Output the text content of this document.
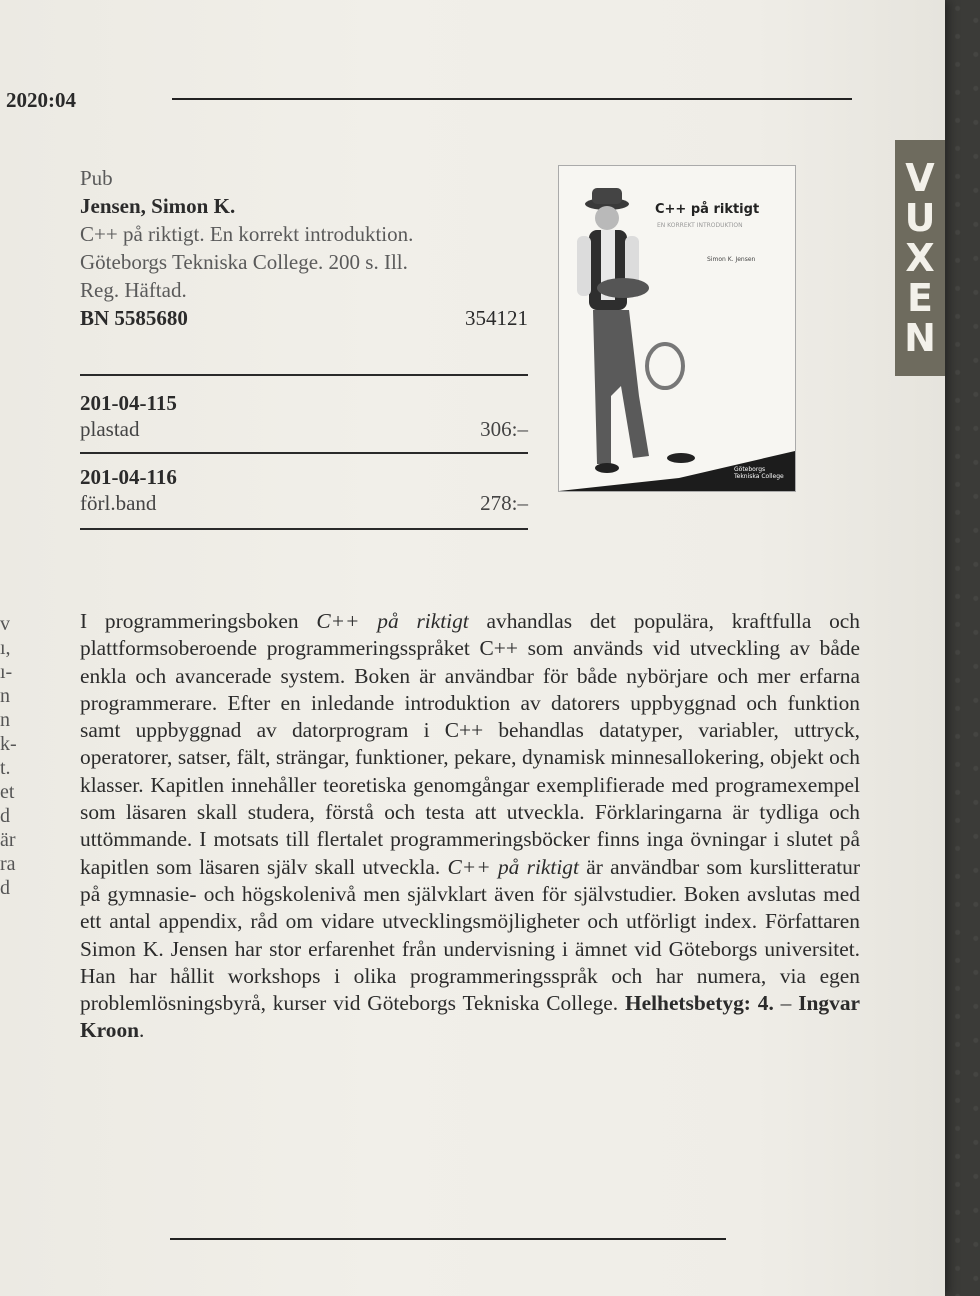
2020:04
Pub
Jensen, Simon K.
C++ på riktigt. En korrekt introduktion.
Göteborgs Tekniska College. 200 s. Ill.
Reg. Häftad.
BN 5585680	354121
201-04-115
plastad	306:–
201-04-116
förl.band	278:–
C++ på riktigt
EN KORREKT INTRODUKTION
Simon K. Jensen
Göteborgs
Tekniska College
v
ı,
ı-
n
n
k-
t.
et
d
är
ra
d
I programmeringsboken C++ på riktigt avhandlas det populära, kraftfulla och plattformsoberoende programmeringsspråket C++ som används vid utveckling av både enkla och avancerade system. Boken är användbar för både nybörjare och mer erfarna programmerare. Efter en inledande introduktion av datorers uppbyggnad och funktion samt uppbyggnad av datorprogram i C++ behandlas datatyper, variabler, uttryck, operatorer, satser, fält, strängar, funktioner, pekare, dynamisk minnesallokering, objekt och klasser. Kapitlen innehåller teoretiska genomgångar exemplifierade med programexempel som läsaren skall studera, förstå och testa att utveckla. Förklaringarna är tydliga och uttömmande. I motsats till flertalet programmeringsböcker finns inga övningar i slutet på kapitlen som läsaren själv skall utveckla. C++ på riktigt är användbar som kurslitteratur på gymnasie- och högskolenivå men självklart även för självstudier. Boken avslutas med ett antal appendix, råd om vidare utvecklingsmöjligheter och utförligt index. Författaren Simon K. Jensen har stor erfarenhet från undervisning i ämnet vid Göteborgs universitet. Han har hållit workshops i olika programmeringsspråk och har numera, via egen problemlösningsbyrå, kurser vid Göteborgs Tekniska College. Helhetsbetyg: 4. – Ingvar Kroon.
V
U
X
E
N
